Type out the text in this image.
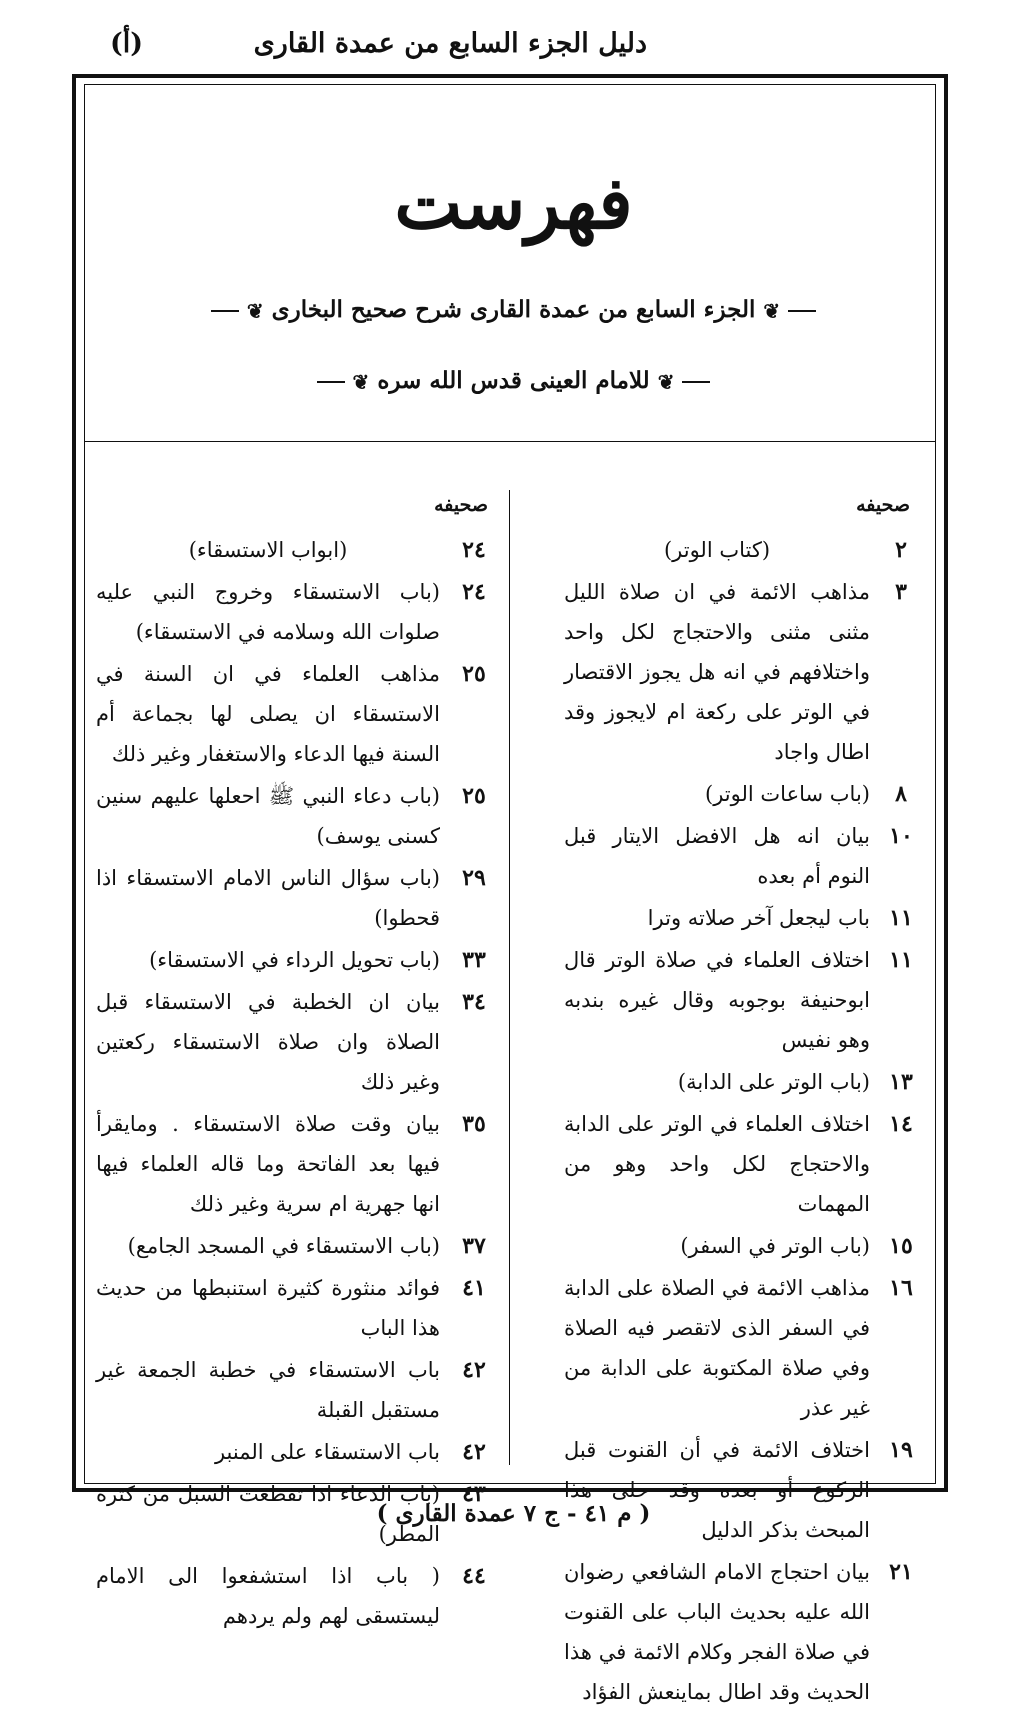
دليل الجزء السابع من عمدة القارى
(أ)
فهرست
❦الجزء السابع من عمدة القارى شرح صحيح البخارى❦
❦للامام العينى قدس الله سره❦
صحيفه
٢
(كتاب الوتر)
٣
مذاهب الائمة في ان صلاة الليل مثنى مثنى والاحتجاج لكل واحد واختلافهم في انه هل يجوز الاقتصار في الوتر على ركعة ام لايجوز وقد اطال واجاد
٨
(باب ساعات الوتر)
١٠
بيان انه هل الافضل الايتار قبل النوم أم بعده
١١
باب ليجعل آخر صلاته وترا
١١
اختلاف العلماء في صلاة الوتر قال ابوحنيفة بوجوبه وقال غيره بندبه وهو نفيس
١٣
(باب الوتر على الدابة)
١٤
اختلاف العلماء في الوتر على الدابة والاحتجاج لكل واحد وهو من المهمات
١٥
(باب الوتر في السفر)
١٦
مذاهب الائمة في الصلاة على الدابة في السفر الذى لاتقصر فيه الصلاة وفي صلاة المكتوبة على الدابة من غير عذر
١٩
اختلاف الائمة في أن القنوت قبل الركوع أو بعده وقد حلى هذا المبحث بذكر الدليل
٢١
بيان احتجاج الامام الشافعي رضوان الله عليه بحديث الباب على القنوت في صلاة الفجر وكلام الائمة في هذا الحديث وقد اطال بماينعش الفؤاد
صحيفه
٢٤
(ابواب الاستسقاء)
٢٤
(باب الاستسقاء وخروج النبي عليه صلوات الله وسلامه في الاستسقاء)
٢٥
مذاهب العلماء في ان السنة في الاستسقاء ان يصلى لها بجماعة أم السنة فيها الدعاء والاستغفار وغير ذلك
٢٥
(باب دعاء النبي ﷺ احعلها عليهم سنين كسنى يوسف)
٢٩
(باب سؤال الناس الامام الاستسقاء اذا قحطوا)
٣٣
(باب تحويل الرداء في الاستسقاء)
٣٤
بيان ان الخطبة في الاستسقاء قبل الصلاة وان صلاة الاستسقاء ركعتين وغير ذلك
٣٥
بيان وقت صلاة الاستسقاء . ومايقرأ فيها بعد الفاتحة وما قاله العلماء فيها انها جهرية ام سرية وغير ذلك
٣٧
(باب الاستسقاء في المسجد الجامع)
٤١
فوائد منثورة كثيرة استنبطها من حديث هذا الباب
٤٢
باب الاستسقاء في خطبة الجمعة غير مستقبل القبلة
٤٢
باب الاستسقاء على المنبر
٤٣
(باب الدعاء اذا تقطعت السبل من كثرة المطر)
٤٤
( باب اذا استشفعوا الى الامام ليستسقى لهم ولم يردهم
( م ٤١ - ج ٧ عمدة القارى )
